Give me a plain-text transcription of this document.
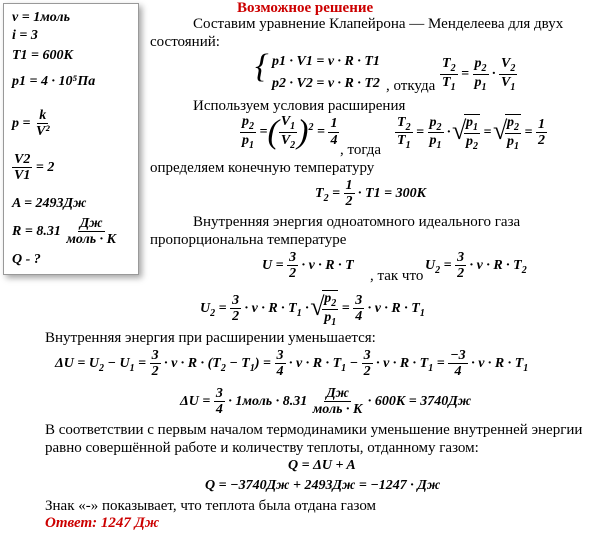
Возможное решение
ν = 1моль
i = 3
T1 = 600K
p1 = 4 · 10⁵Па
$p = \frac{k}{\text{V²}}$
$\frac{V2}{V1} = 2$
A = 2493Дж
$R = 8.31 \frac{Дж}{\text{моль · K}}$
Q - ?
Составим уравнение Клапейрона — Менделеева для двух
состояний:
{ p1 · V1 = ν · R · T1
p2 · V2 = ν · R · T2 , откуда $\frac{T_2}{T_1} = \frac{p_2}{p_1} \cdot \frac{V_2}{V_1}$
Используем условия расширения
$\frac{p_2}{p_1}$ =( $\frac{V_1}{V_2} )^2 = \frac{1}{4}$
, тогда $\frac{T_2}{T_1} = \frac{p_2}{p_1}$ · √ $\frac{p_1}{p_2}$ = √ $\frac{p_2}{p_1} = \frac{1}{2}$
определяем конечную температуру
$T_2 = \frac{1}{2} \cdot T1 = 300K$
Внутренняя энергия одноатомного идеального газа
пропорциональна температуре
$U = \frac{3}{2} \cdot \nu \cdot R \cdot T$
, так что
$U_2 = \frac{3}{2} \cdot \nu \cdot R \cdot T_2$
$U_2 = \frac{3}{2} \cdot \nu \cdot R \cdot T_1$ · √ $\frac{p_2}{p_1} = \frac{3}{4} \cdot \nu \cdot R \cdot T_1$
Внутренняя энергия при расширении уменьшается:
$\Delta U = U_2 - U_1 = \frac{3}{2} \cdot \nu \cdot R \cdot (T_2 - T_1) = \frac{3}{4} \cdot \nu \cdot R \cdot T_1 - \frac{3}{2} \cdot \nu \cdot R \cdot T_1 = \frac{-3}{4} \cdot \nu \cdot R \cdot T_1$
$\Delta U = \frac{3}{4}$ · 1моль · $8.31 \frac{Дж}{\text{моль · K}} \cdot 600K = 3740Дж$
В соответствии с первым началом термодинамики уменьшение внутренней энергии
равно совершённой работе и количеству теплоты, отданному газом:
Q = ΔU + A
Q = −3740Дж + 2493Дж = −1247 · Дж
Знак «-» показывает, что теплота была отдана газом
Ответ: 1247 Дж
